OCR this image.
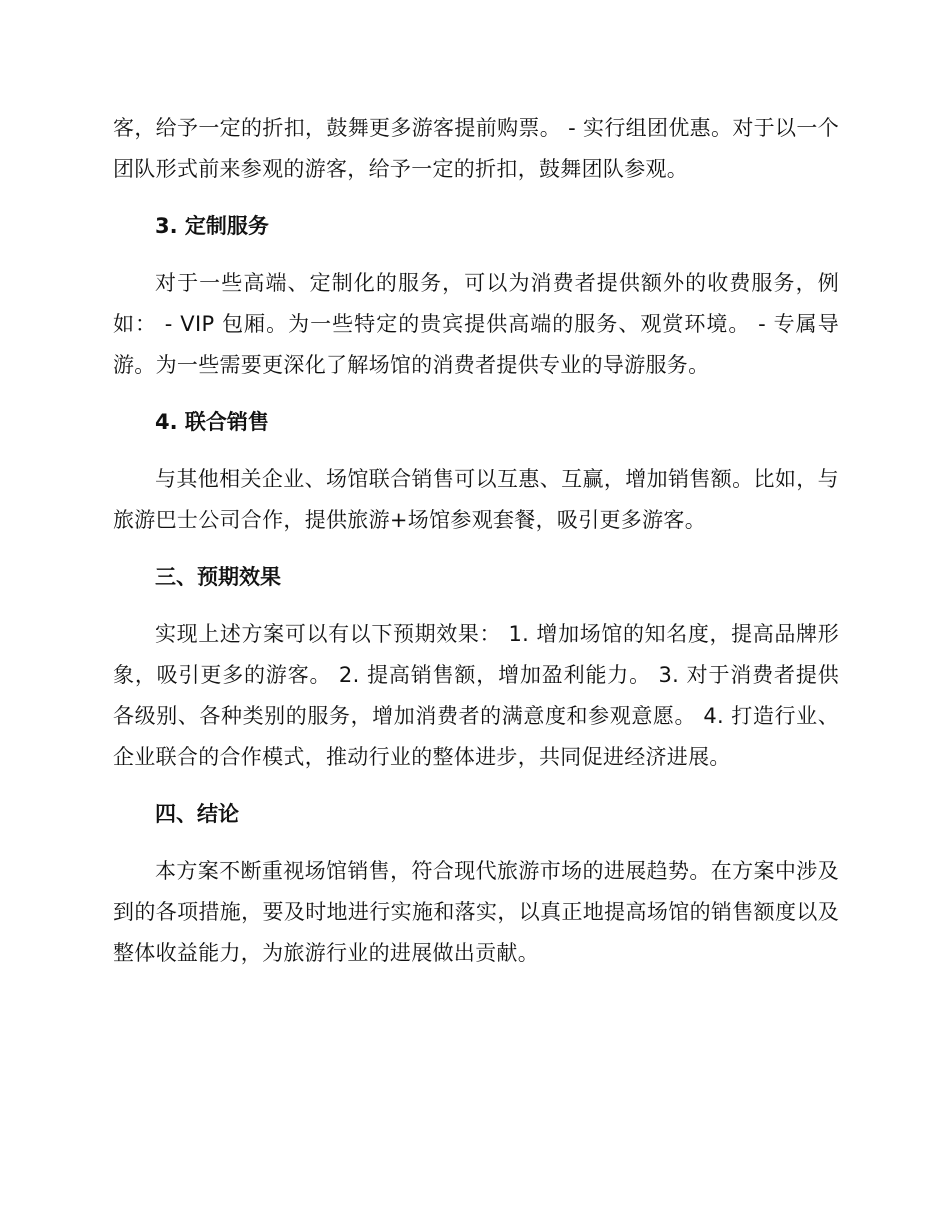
客，给予一定的折扣，鼓舞更多游客提前购票。 - 实行组团优惠。对于以一个团队形式前来参观的游客，给予一定的折扣，鼓舞团队参观。

3. 定制服务

对于一些高端、定制化的服务，可以为消费者提供额外的收费服务，例如： - VIP 包厢。为一些特定的贵宾提供高端的服务、观赏环境。 - 专属导游。为一些需要更深化了解场馆的消费者提供专业的导游服务。

4. 联合销售

与其他相关企业、场馆联合销售可以互惠、互赢，增加销售额。比如，与旅游巴士公司合作，提供旅游+场馆参观套餐，吸引更多游客。

三、预期效果

实现上述方案可以有以下预期效果： 1. 增加场馆的知名度，提高品牌形象，吸引更多的游客。 2. 提高销售额，增加盈利能力。 3. 对于消费者提供各级别、各种类别的服务，增加消费者的满意度和参观意愿。 4. 打造行业、企业联合的合作模式，推动行业的整体进步，共同促进经济进展。

四、结论

本方案不断重视场馆销售，符合现代旅游市场的进展趋势。在方案中涉及到的各项措施，要及时地进行实施和落实，以真正地提高场馆的销售额度以及整体收益能力，为旅游行业的进展做出贡献。
